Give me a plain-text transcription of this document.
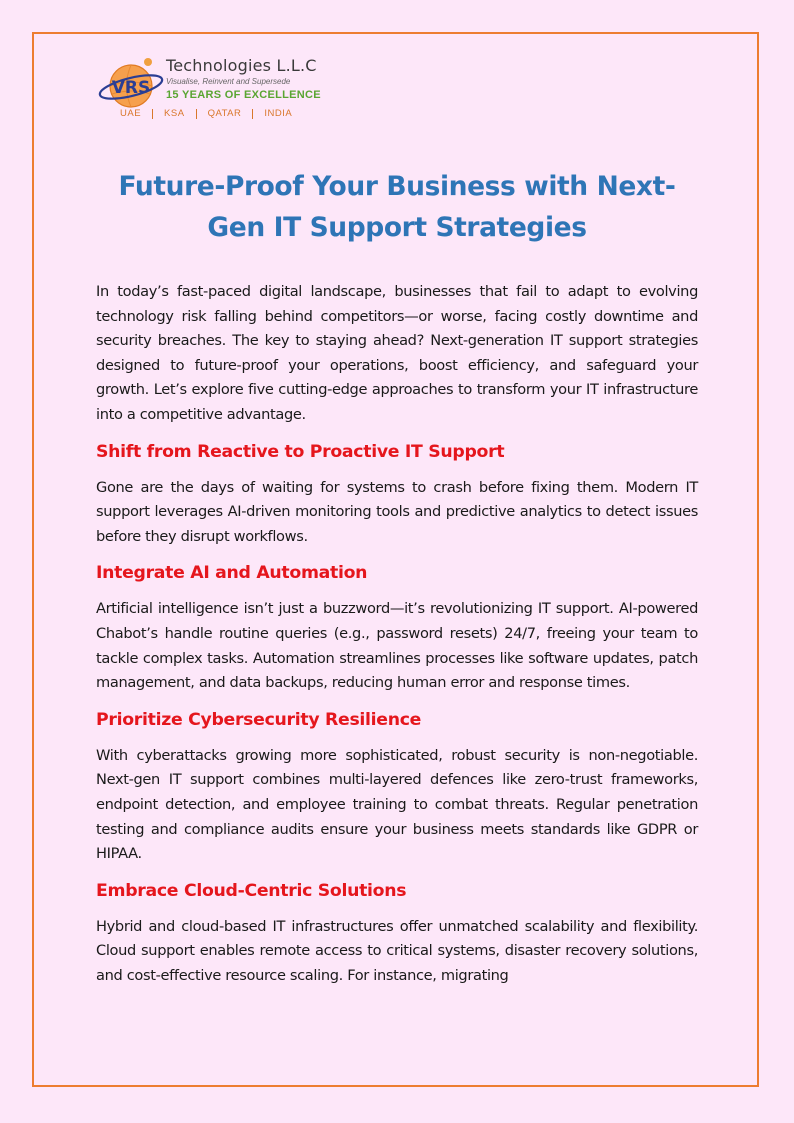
VRS
Technologies L.L.C
Visualise, Reinvent and Supersede
15 YEARS OF EXCELLENCE
UAE	KSA	QATAR	INDIA
Future-Proof Your Business with Next-Gen IT Support Strategies

In today’s fast-paced digital landscape, businesses that fail to adapt to evolving technology risk falling behind competitors—or worse, facing costly downtime and security breaches. The key to staying ahead? Next-generation IT support strategies designed to future-proof your operations, boost efficiency, and safeguard your growth. Let’s explore five cutting-edge approaches to transform your IT infrastructure into a competitive advantage.

Shift from Reactive to Proactive IT Support

Gone are the days of waiting for systems to crash before fixing them. Modern IT support leverages AI-driven monitoring tools and predictive analytics to detect issues before they disrupt workflows.

Integrate AI and Automation

Artificial intelligence isn’t just a buzzword—it’s revolutionizing IT support. AI-powered Chabot’s handle routine queries (e.g., password resets) 24/7, freeing your team to tackle complex tasks. Automation streamlines processes like software updates, patch management, and data backups, reducing human error and response times.

Prioritize Cybersecurity Resilience

With cyberattacks growing more sophisticated, robust security is non-negotiable. Next-gen IT support combines multi-layered defences like zero-trust frameworks, endpoint detection, and employee training to combat threats. Regular penetration testing and compliance audits ensure your business meets standards like GDPR or HIPAA.

Embrace Cloud-Centric Solutions

Hybrid and cloud-based IT infrastructures offer unmatched scalability and flexibility. Cloud support enables remote access to critical systems, disaster recovery solutions, and cost-effective resource scaling. For instance, migrating
